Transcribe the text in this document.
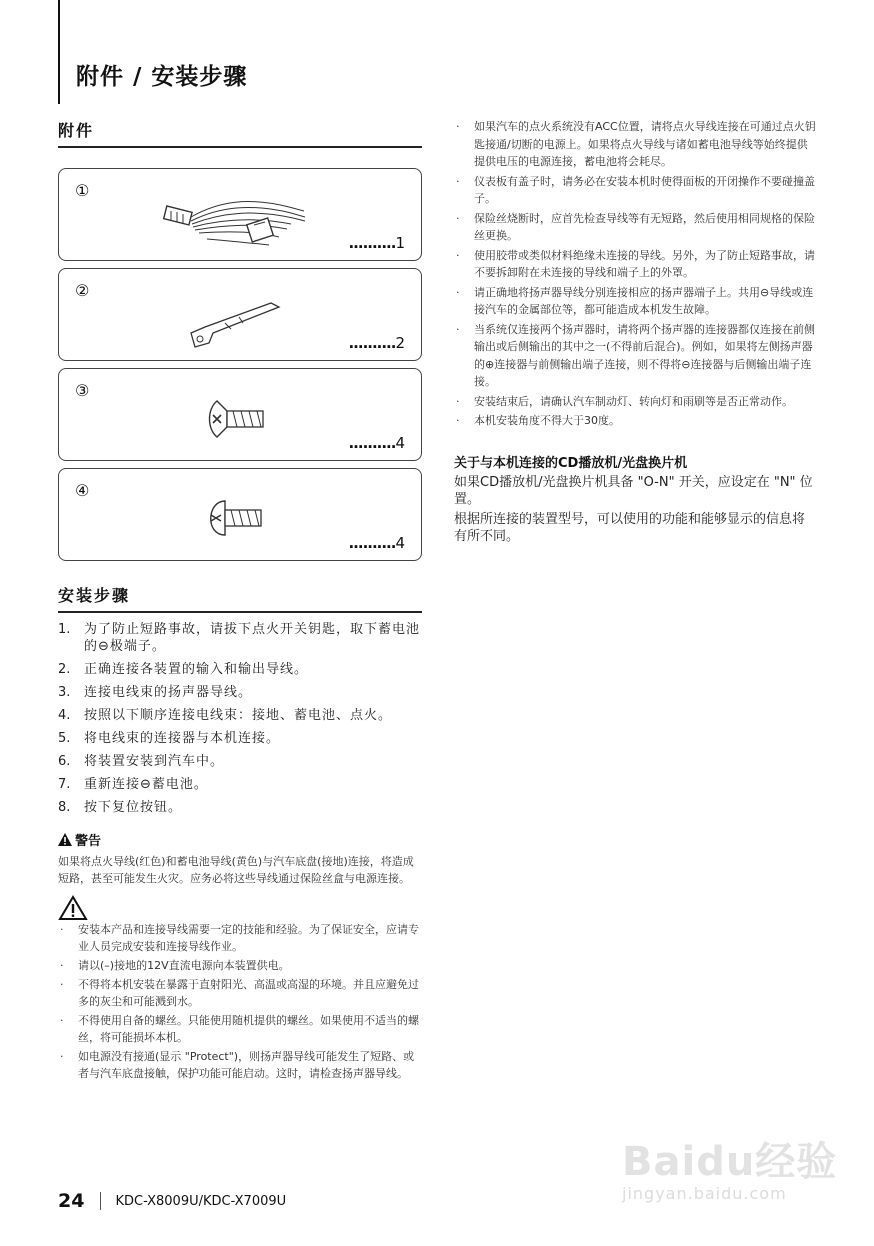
附件 / 安装步骤
附件
①
..........1
②
..........2
③
..........4
④
..........4
安装步骤
1.	为了防止短路事故，请拔下点火开关钥匙，取下蓄电池的⊖极端子。
2.	正确连接各装置的输入和输出导线。
3.	连接电线束的扬声器导线。
4.	按照以下顺序连接电线束：接地、蓄电池、点火。
5.	将电线束的连接器与本机连接。
6.	将装置安装到汽车中。
7.	重新连接⊖蓄电池。
8.	按下复位按钮。
警告
如果将点火导线(红色)和蓄电池导线(黄色)与汽车底盘(接地)连接，将造成短路，甚至可能发生火灾。应务必将这些导线通过保险丝盒与电源连接。
·	安装本产品和连接导线需要一定的技能和经验。为了保证安全，应请专业人员完成安装和连接导线作业。
·	请以(–)接地的12V直流电源向本装置供电。
·	不得将本机安装在暴露于直射阳光、高温或高湿的环境。并且应避免过多的灰尘和可能溅到水。
·	不得使用自备的螺丝。只能使用随机提供的螺丝。如果使用不适当的螺丝，将可能损坏本机。
·	如电源没有接通(显示 "Protect")，则扬声器导线可能发生了短路、或者与汽车底盘接触，保护功能可能启动。这时，请检查扬声器导线。
·	如果汽车的点火系统没有ACC位置，请将点火导线连接在可通过点火钥匙接通/切断的电源上。如果将点火导线与诸如蓄电池导线等始终提供提供电压的电源连接，蓄电池将会耗尽。
·	仪表板有盖子时，请务必在安装本机时使得面板的开闭操作不要碰撞盖子。
·	保险丝烧断时，应首先检查导线等有无短路，然后使用相同规格的保险丝更换。
·	使用胶带或类似材料绝缘未连接的导线。另外，为了防止短路事故，请不要拆卸附在未连接的导线和端子上的外罩。
·	请正确地将扬声器导线分别连接相应的扬声器端子上。共用⊖导线或连接汽车的金属部位等，都可能造成本机发生故障。
·	当系统仅连接两个扬声器时，请将两个扬声器的连接器都仅连接在前侧输出或后侧输出的其中之一(不得前后混合)。例如，如果将左侧扬声器的⊕连接器与前侧输出端子连接，则不得将⊖连接器与后侧输出端子连接。
·	安装结束后，请确认汽车制动灯、转向灯和雨刷等是否正常动作。
·	本机安装角度不得大于30度。
关于与本机连接的CD播放机/光盘换片机
如果CD播放机/光盘换片机具备 "O-N" 开关，应设定在 "N" 位置。
根据所连接的装置型号，可以使用的功能和能够显示的信息将有所不同。
24 KDC-X8009U/KDC-X7009U
Baidu经验
jingyan.baidu.com
